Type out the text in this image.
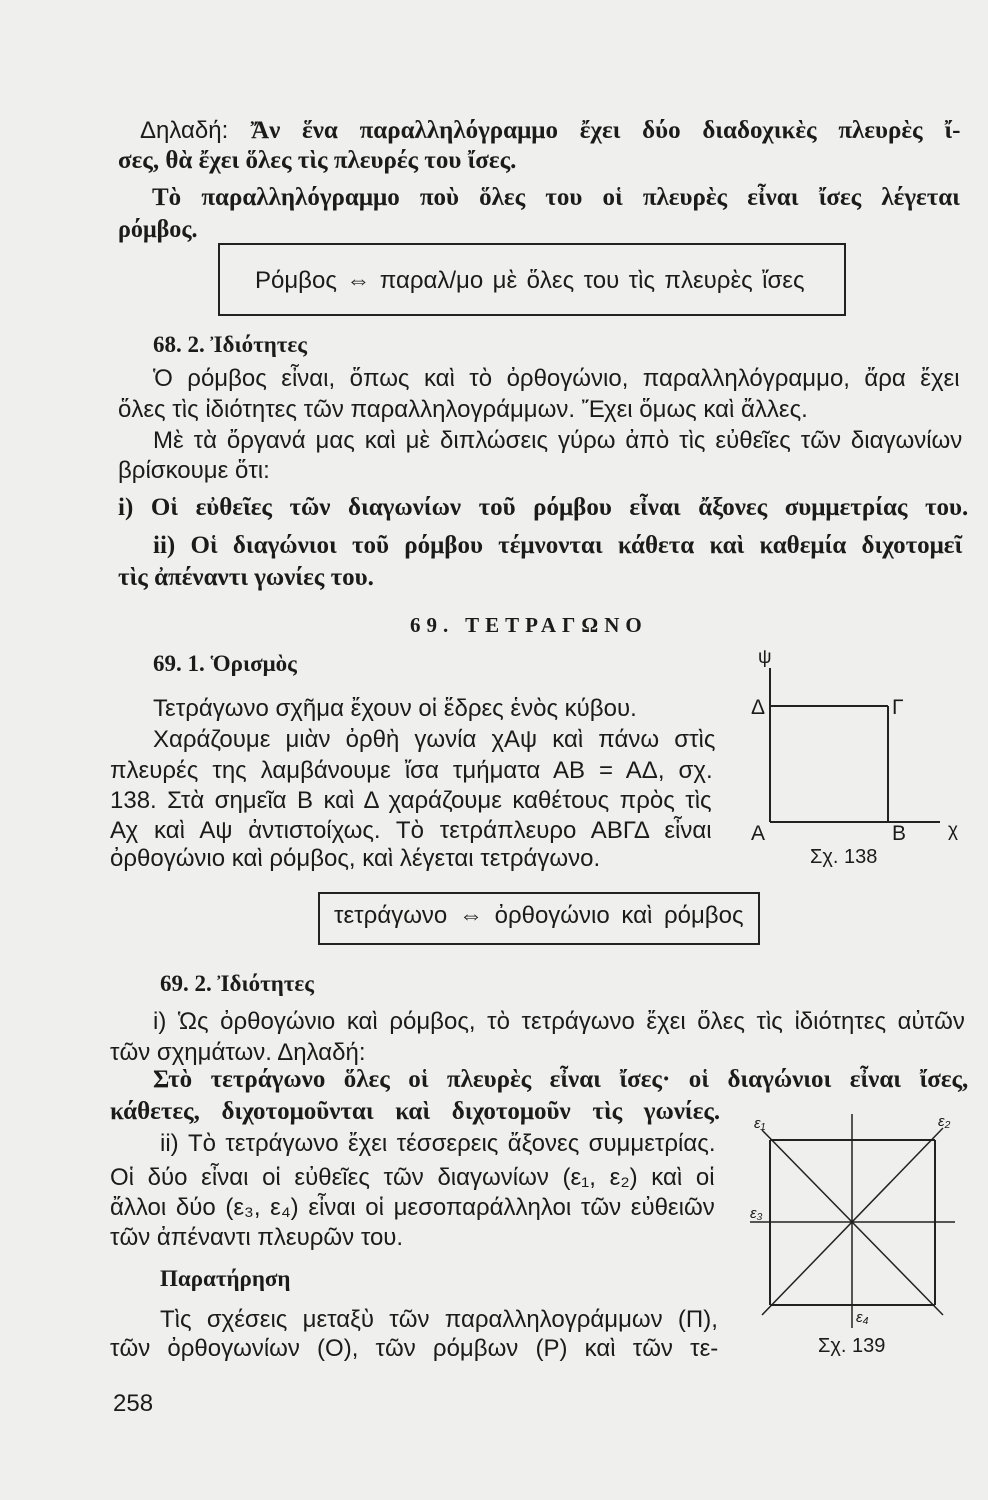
Δηλαδή: Ἄν ἕνα παραλληλόγραμμο ἔχει δύο διαδοχικὲς πλευρὲς ἴ-
σες, θὰ ἔχει ὅλες τὶς πλευρές του ἴσες.
Τὸ παραλληλόγραμμο ποὺ ὅλες του οἱ πλευρὲς εἶναι ἴσες λέγεται
ρόμβος.
Ρόμβος ⇔ παραλ/μο μὲ ὅλες του τὶς πλευρὲς ἴσες
68. 2. Ἰδιότητες
Ὁ ρόμβος εἶναι, ὅπως καὶ τὸ ὀρθογώνιο, παραλληλόγραμμο, ἄρα ἔχει
ὅλες τὶς ἰδιότητες τῶν παραλληλογράμμων. Ἔχει ὅμως καὶ ἄλλες.
Μὲ τὰ ὄργανά μας καὶ μὲ διπλώσεις γύρω ἀπὸ τὶς εὐθεῖες τῶν διαγωνίων
βρίσκουμε ὅτι:
i) Οἱ εὐθεῖες τῶν διαγωνίων τοῦ ρόμβου εἶναι ἄξονες συμμετρίας του.
ii) Οἱ διαγώνιοι τοῦ ρόμβου τέμνονται κάθετα καὶ καθεμία διχοτομεῖ
τὶς ἀπέναντι γωνίες του.
69. ΤΕΤΡΑΓΩΝΟ
69. 1. Ὁρισμὸς
Τετράγωνο σχῆμα ἔχουν οἱ ἕδρες ἑνὸς κύβου.
Χαράζουμε μιὰν ὀρθὴ γωνία χΑψ καὶ πάνω στὶς
πλευρές της λαμβάνουμε ἴσα τμήματα ΑΒ = ΑΔ, σχ.
138. Στὰ σημεῖα Β καὶ Δ χαράζουμε καθέτους πρὸς τὶς
Αχ καὶ Αψ ἀντιστοίχως. Τὸ τετράπλευρο ΑΒΓΔ εἶναι
ὀρθογώνιο καὶ ρόμβος, καὶ λέγεται τετράγωνο.
τετράγωνο ⇔ ὀρθογώνιο καὶ ρόμβος
ψ
Δ	Γ
Α	Β χ
Σχ. 138
69. 2. Ἰδιότητες
i) Ὡς ὀρθογώνιο καὶ ρόμβος, τὸ τετράγωνο ἔχει ὅλες τὶς ἰδιότητες αὐτῶν
τῶν σχημάτων. Δηλαδή:
Στὸ τετράγωνο ὅλες οἱ πλευρὲς εἶναι ἴσες· οἱ διαγώνιοι εἶναι ἴσες,
κάθετες, διχοτομοῦνται καὶ διχοτομοῦν τὶς γωνίες.
ii) Τὸ τετράγωνο ἔχει τέσσερεις ἄξονες συμμετρίας.
Οἱ δύο εἶναι οἱ εὐθεῖες τῶν διαγωνίων (ε₁, ε₂) καὶ οἱ
ἄλλοι δύο (ε₃, ε₄) εἶναι οἱ μεσοπαράλληλοι τῶν εὐθειῶν
τῶν ἀπέναντι πλευρῶν του.
Παρατήρηση
Τὶς σχέσεις μεταξὺ τῶν παραλληλογράμμων (Π),
τῶν ὀρθογωνίων (Ο), τῶν ρόμβων (Ρ) καὶ τῶν τε-
ε₁	ε₂
ε₃
ε₄
Σχ. 139
258
